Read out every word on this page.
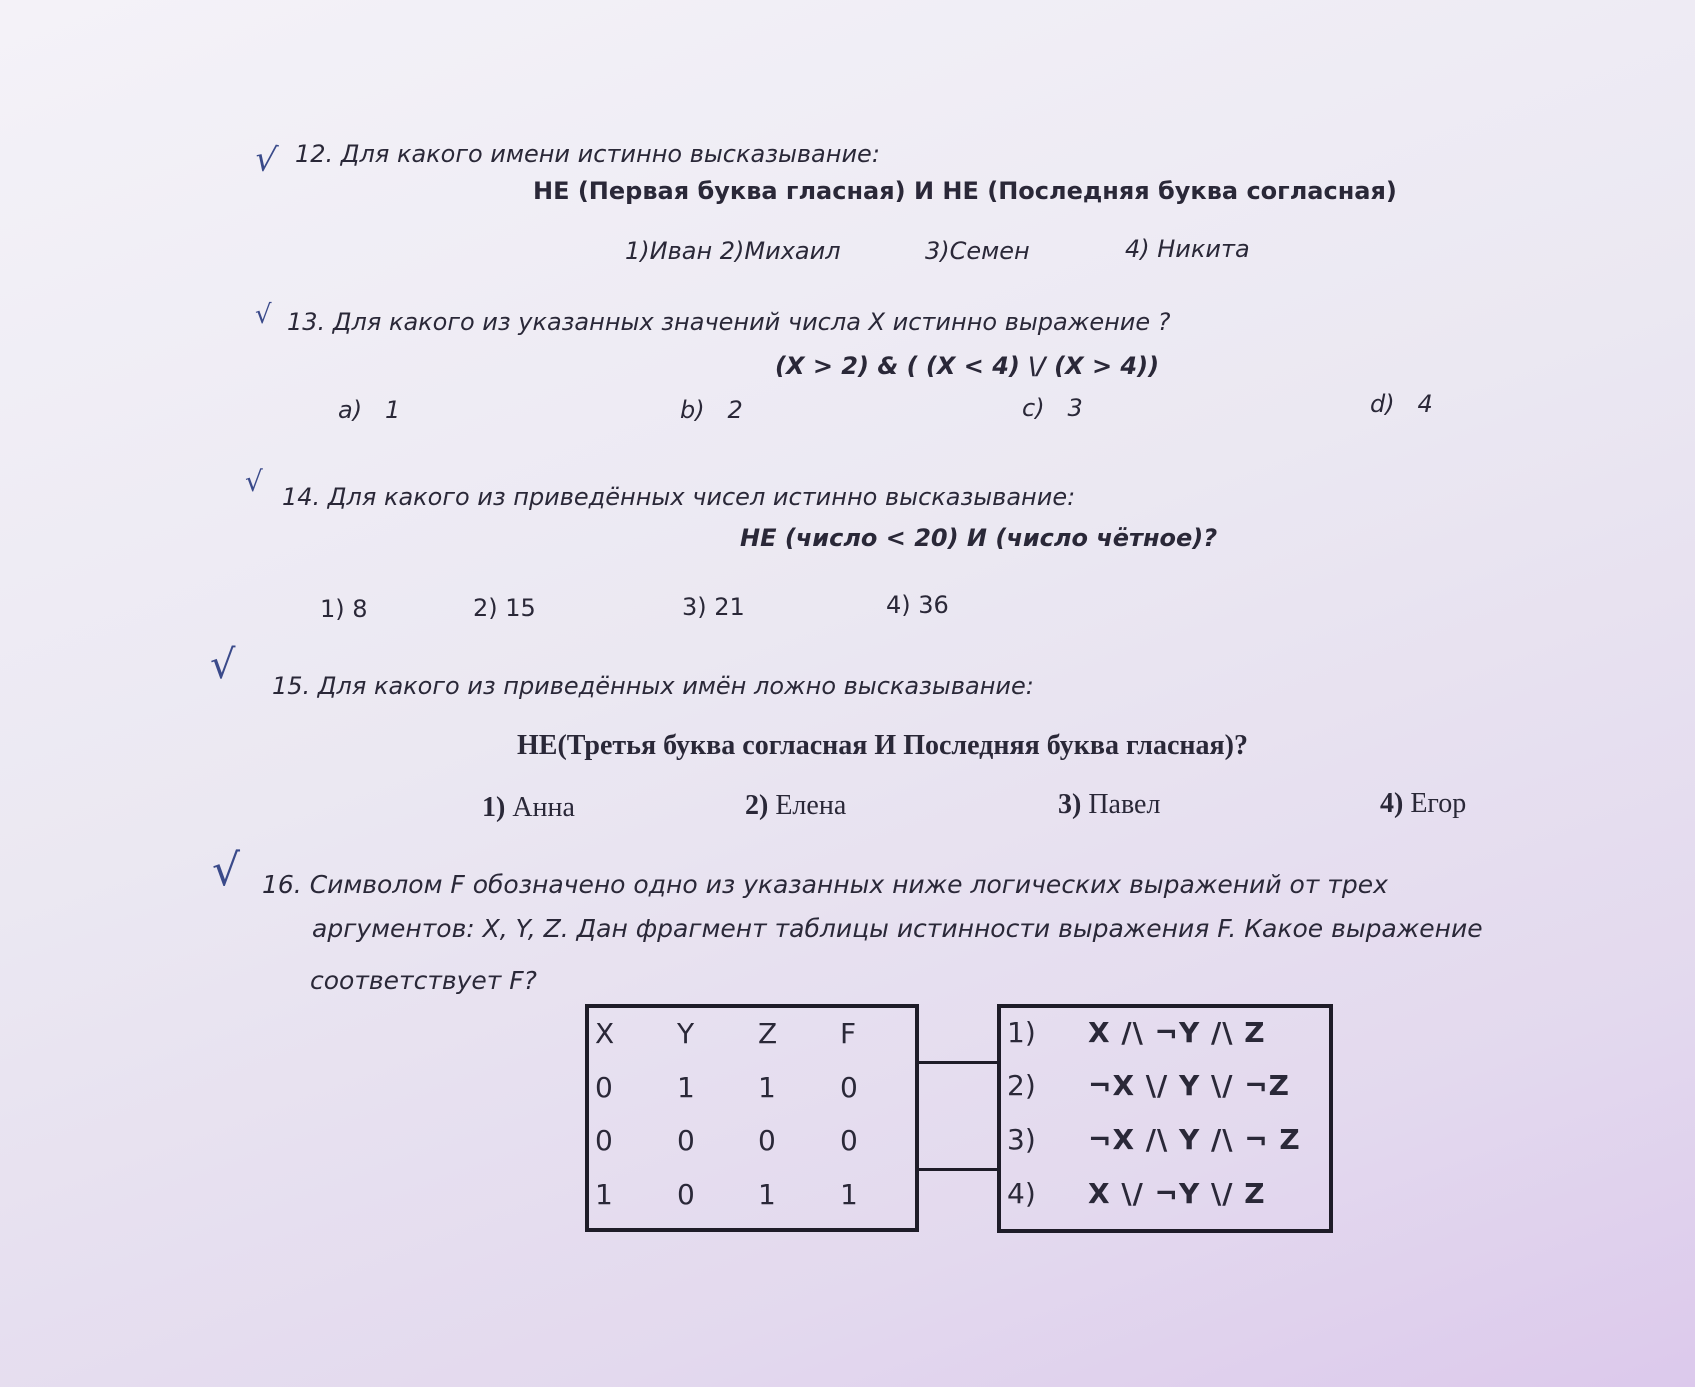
√
√
√
√
√
12. Для какого имени истинно высказывание:
НЕ (Первая буква гласная) И НЕ (Последняя буква согласная)
1)Иван 2)Михаил	3)Семен	4) Никита
13. Для какого из указанных значений числа X истинно выражение ?
(X > 2) & ( (X < 4) \/ (X > 4))
a) 1	b) 2	c) 3	d) 4
14. Для какого из приведённых чисел истинно высказывание:
НЕ (число < 20) И (число чётное)?
1) 8	2) 15	3) 21	4) 36
15. Для какого из приведённых имён ложно высказывание:
НЕ(Третья буква согласная И Последняя буква гласная)?
1) Анна	2) Елена	3) Павел	4) Егор
16. Символом F обозначено одно из указанных ниже логических выражений от трех
аргументов: X, Y, Z. Дан фрагмент таблицы истинности выражения F. Какое выражение
соответствует F?
X Y Z F
0 1 1 0
0 0 0 0
1 0 1 1
1) X /\ ¬Y /\ Z
2) ¬X \/ Y \/ ¬Z
3) ¬X /\ Y /\ ¬ Z
4) X \/ ¬Y \/ Z
